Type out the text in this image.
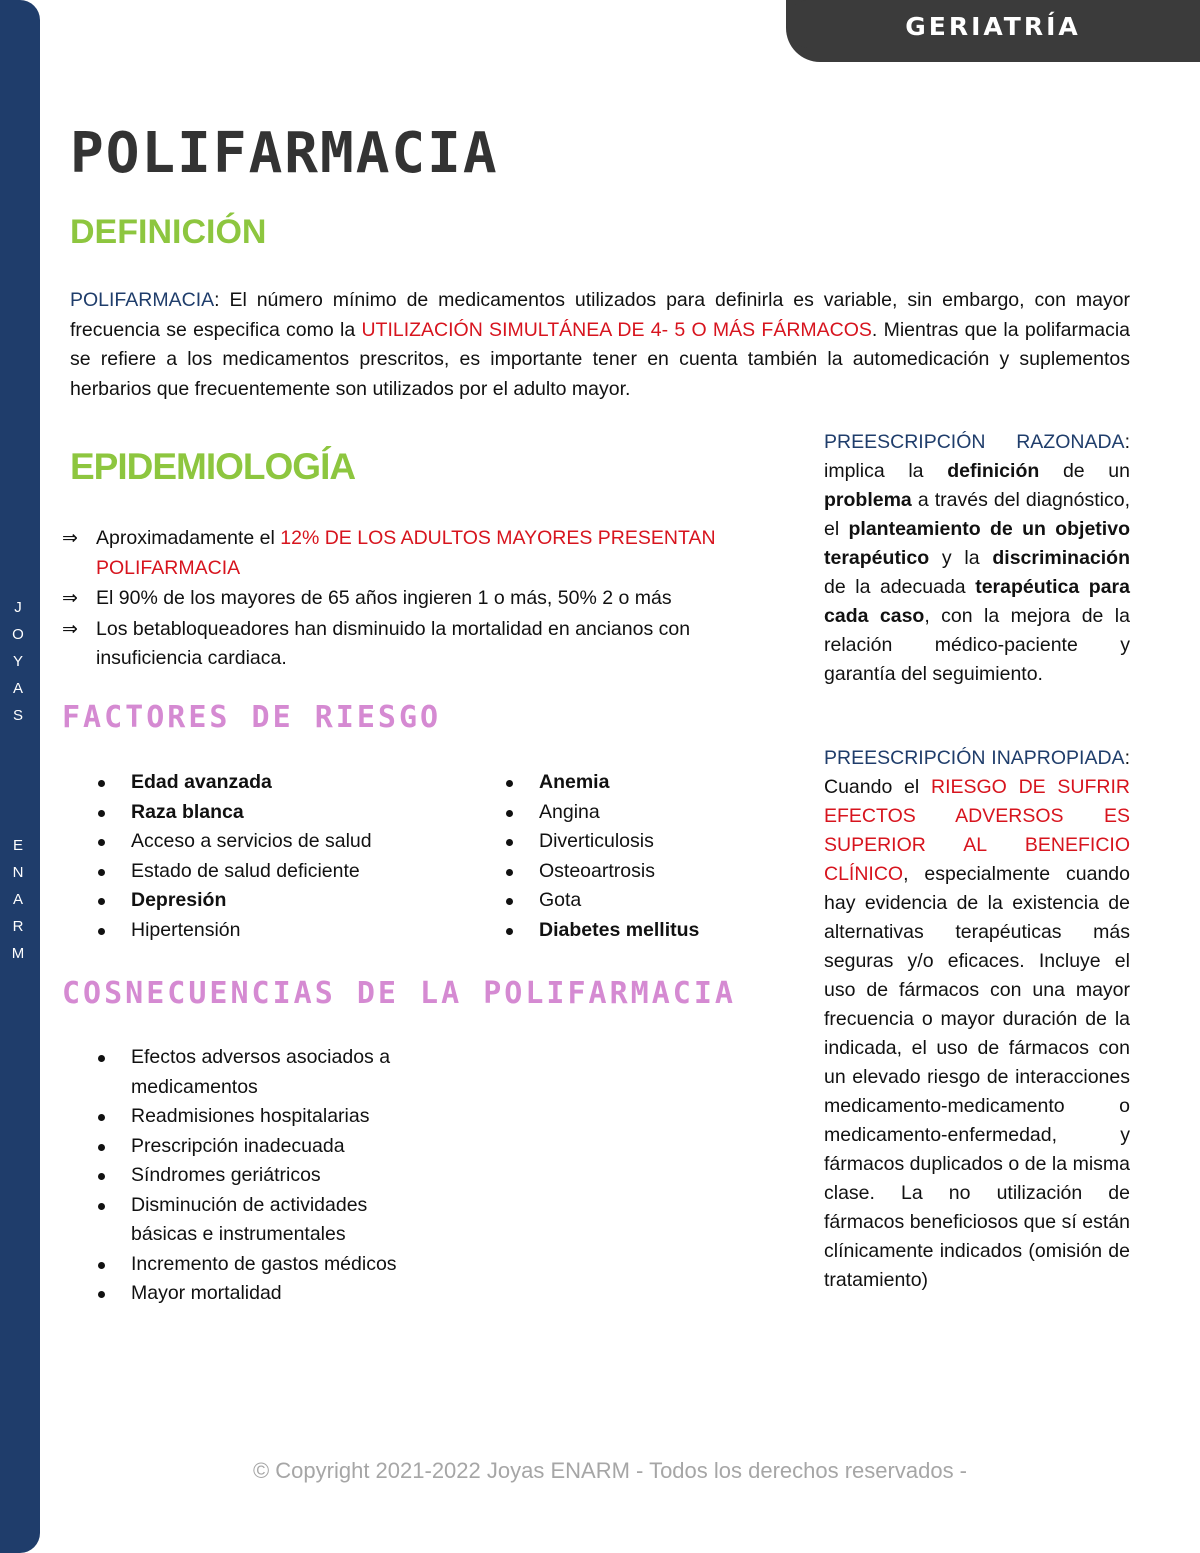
J
O
Y
A
S
E
N
A
R
M
GERIATRÍA
POLIFARMACIA
DEFINICIÓN

POLIFARMACIA: El número mínimo de medicamentos utilizados para definirla es variable, sin embargo, con mayor frecuencia se especifica como la UTILIZACIÓN SIMULTÁNEA DE 4- 5 O MÁS FÁRMACOS. Mientras que la polifarmacia se refiere a los medicamentos prescritos, es importante tener en cuenta también la automedicación y suplementos herbarios que frecuentemente son utilizados por el adulto mayor.

EPIDEMIOLOGÍA
⇒ Aproximadamente el 12% DE LOS ADULTOS MAYORES PRESENTAN POLIFARMACIA
⇒ El 90% de los mayores de 65 años ingieren 1 o más, 50% 2 o más
⇒ Los betabloqueadores han disminuido la mortalidad en ancianos con insuficiencia cardiaca.
FACTORES DE RIESGO
Edad avanzada
Raza blanca
Acceso a servicios de salud
Estado de salud deficiente
Depresión
Hipertensión
Anemia
Angina
Diverticulosis
Osteoartrosis
Gota
Diabetes mellitus
COSNECUENCIAS DE LA POLIFARMACIA
Efectos adversos asociados a medicamentos
Readmisiones hospitalarias
Prescripción inadecuada
Síndromes geriátricos
Disminución de actividades básicas e instrumentales
Incremento de gastos médicos
Mayor mortalidad

PREESCRIPCIÓN RAZONADA: implica la definición de un problema a través del diagnóstico, el planteamiento de un objetivo terapéutico y la discriminación de la adecuada terapéutica para cada caso, con la mejora de la relación médico-paciente y garantía del seguimiento.

PREESCRIPCIÓN INAPROPIADA: Cuando el RIESGO DE SUFRIR EFECTOS ADVERSOS ES SUPERIOR AL BENEFICIO CLÍNICO, especialmente cuando hay evidencia de la existencia de alternativas terapéuticas más seguras y/o eficaces. Incluye el uso de fármacos con una mayor frecuencia o mayor duración de la indicada, el uso de fármacos con un elevado riesgo de interacciones medicamento-medicamento o medicamento-enfermedad, y fármacos duplicados o de la misma clase. La no utilización de fármacos beneficiosos que sí están clínicamente indicados (omisión de tratamiento)

© Copyright 2021-2022 Joyas ENARM - Todos los derechos reservados -
